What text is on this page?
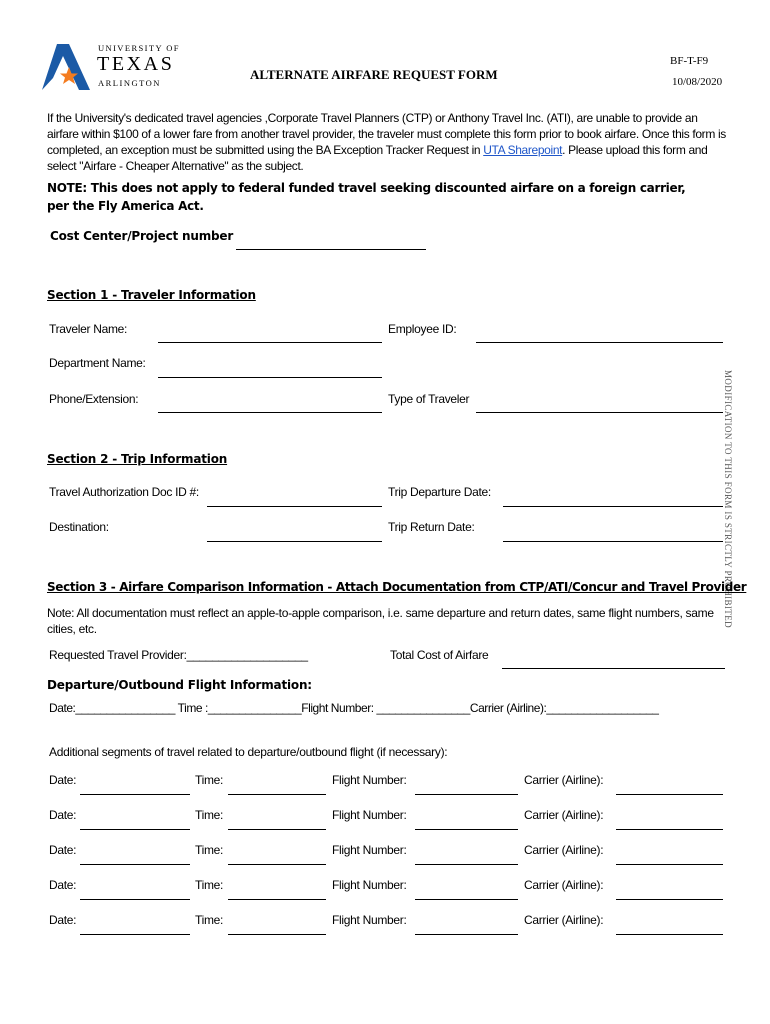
UNIVERSITY OF
TEXAS
ARLINGTON
ALTERNATE AIRFARE REQUEST FORM
BF-T-F9
10/08/2020
If the University's dedicated travel agencies ,Corporate Travel Planners (CTP) or Anthony Travel Inc. (ATI), are unable to provide an airfare within $100 of a lower fare from another travel provider, the traveler must complete this form prior to book airfare. Once this form is completed, an exception must be submitted using the BA Exception Tracker Request in UTA Sharepoint. Please upload this form and select "Airfare - Cheaper Alternative" as the subject.
NOTE: This does not apply to federal funded travel seeking discounted airfare on a foreign carrier, per the Fly America Act.
Cost Center/Project number
MODIFICATION TO THIS FORM IS STRICTLY PROHIBITED
Section 1 - Traveler Information
Traveler Name:	Employee ID:
Department Name:
Phone/Extension:	Type of Traveler
Section 2 - Trip Information
Travel Authorization Doc ID #:	Trip Departure Date:
Destination:	Trip Return Date:
Section 3 - Airfare Comparison Information - Attach Documentation from CTP/ATI/Concur and Travel Provider
Note: All documentation must reflect an apple-to-apple comparison, i.e. same departure and return dates, same flight numbers, same cities, etc.
Requested Travel Provider:___________________	Total Cost of Airfare
Departure/Outbound Flight Information:
Date:________________ Time :_______________Flight Number: _______________Carrier (Airline):__________________
Additional segments of travel related to departure/outbound flight (if necessary):
Date:	Time:	Flight Number:	Carrier (Airline):
Date:	Time:	Flight Number:	Carrier (Airline):
Date:	Time:	Flight Number:	Carrier (Airline):
Date:	Time:	Flight Number:	Carrier (Airline):
Date:	Time:	Flight Number:	Carrier (Airline):
